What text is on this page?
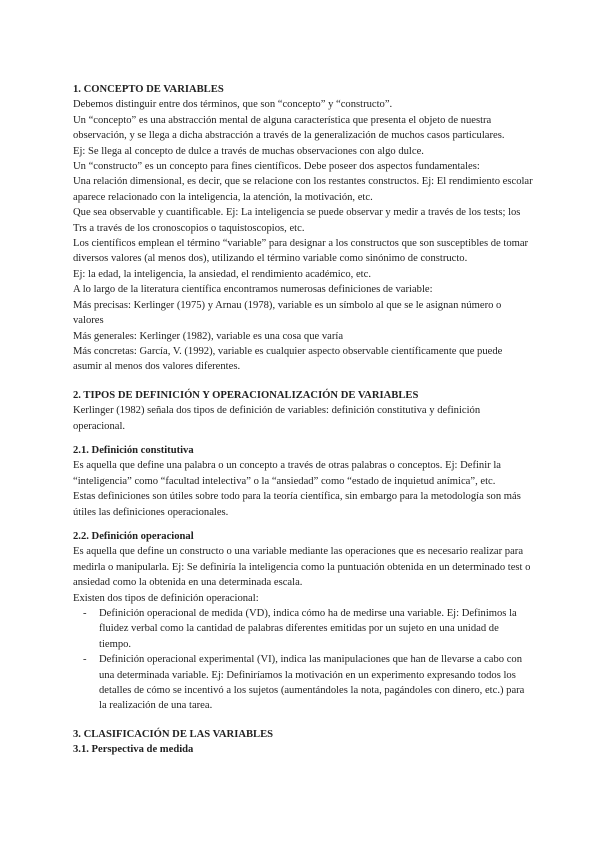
1. CONCEPTO DE VARIABLES

Debemos distinguir entre dos términos, que son “concepto” y “constructo”.

Un “concepto” es una abstracción mental de alguna característica que presenta el objeto de nuestra observación, y se llega a dicha abstracción a través de la generalización de muchos casos particulares.

Ej: Se llega al concepto de dulce a través de muchas observaciones con algo dulce.

Un “constructo” es un concepto para fines científicos. Debe poseer dos aspectos fundamentales:

Una relación dimensional, es decir, que se relacione con los restantes constructos. Ej: El rendimiento escolar aparece relacionado con la inteligencia, la atención, la motivación, etc.

Que sea observable y cuantificable. Ej: La inteligencia se puede observar y medir a través de los tests; los Trs a través de los cronoscopios o taquistoscopios, etc.

Los científicos emplean el término “variable” para designar a los constructos que son susceptibles de tomar diversos valores (al menos dos), utilizando el término variable como sinónimo de constructo.

Ej: la edad, la inteligencia, la ansiedad, el rendimiento académico, etc.

A lo largo de la literatura científica encontramos numerosas definiciones de variable:

Más precisas: Kerlinger (1975) y Arnau (1978), variable es un símbolo al que se le asignan número o valores

Más generales: Kerlinger (1982), variable es una cosa que varía

Más concretas: García, V. (1992), variable es cualquier aspecto observable científicamente que puede asumir al menos dos valores diferentes.

2. TIPOS DE DEFINICIÓN Y OPERACIONALIZACIÓN DE VARIABLES

Kerlinger (1982) señala dos tipos de definición de variables: definición constitutiva y definición operacional.

2.1. Definición constitutiva

Es aquella que define una palabra o un concepto a través de otras palabras o conceptos. Ej: Definir la “inteligencia” como “facultad intelectiva” o la “ansiedad” como “estado de inquietud anímica”, etc.

Estas definiciones son útiles sobre todo para la teoría científica, sin embargo para la metodología son más útiles las definiciones operacionales.

2.2. Definición operacional

Es aquella que define un constructo o una variable mediante las operaciones que es necesario realizar para medirla o manipularla. Ej: Se definiría la inteligencia como la puntuación obtenida en un determinado test o ansiedad como la obtenida en una determinada escala.

Existen dos tipos de definición operacional:

- Definición operacional de medida (VD), indica cómo ha de medirse una variable. Ej: Definimos la fluidez verbal como la cantidad de palabras diferentes emitidas por un sujeto en una unidad de tiempo.
- Definición operacional experimental (VI), indica las manipulaciones que han de llevarse a cabo con una determinada variable. Ej: Definiríamos la motivación en un experimento expresando todos los detalles de cómo se incentivó a los sujetos (aumentándoles la nota, pagándoles con dinero, etc.) para la realización de una tarea.
3. CLASIFICACIÓN DE LAS VARIABLES
3.1. Perspectiva de medida
